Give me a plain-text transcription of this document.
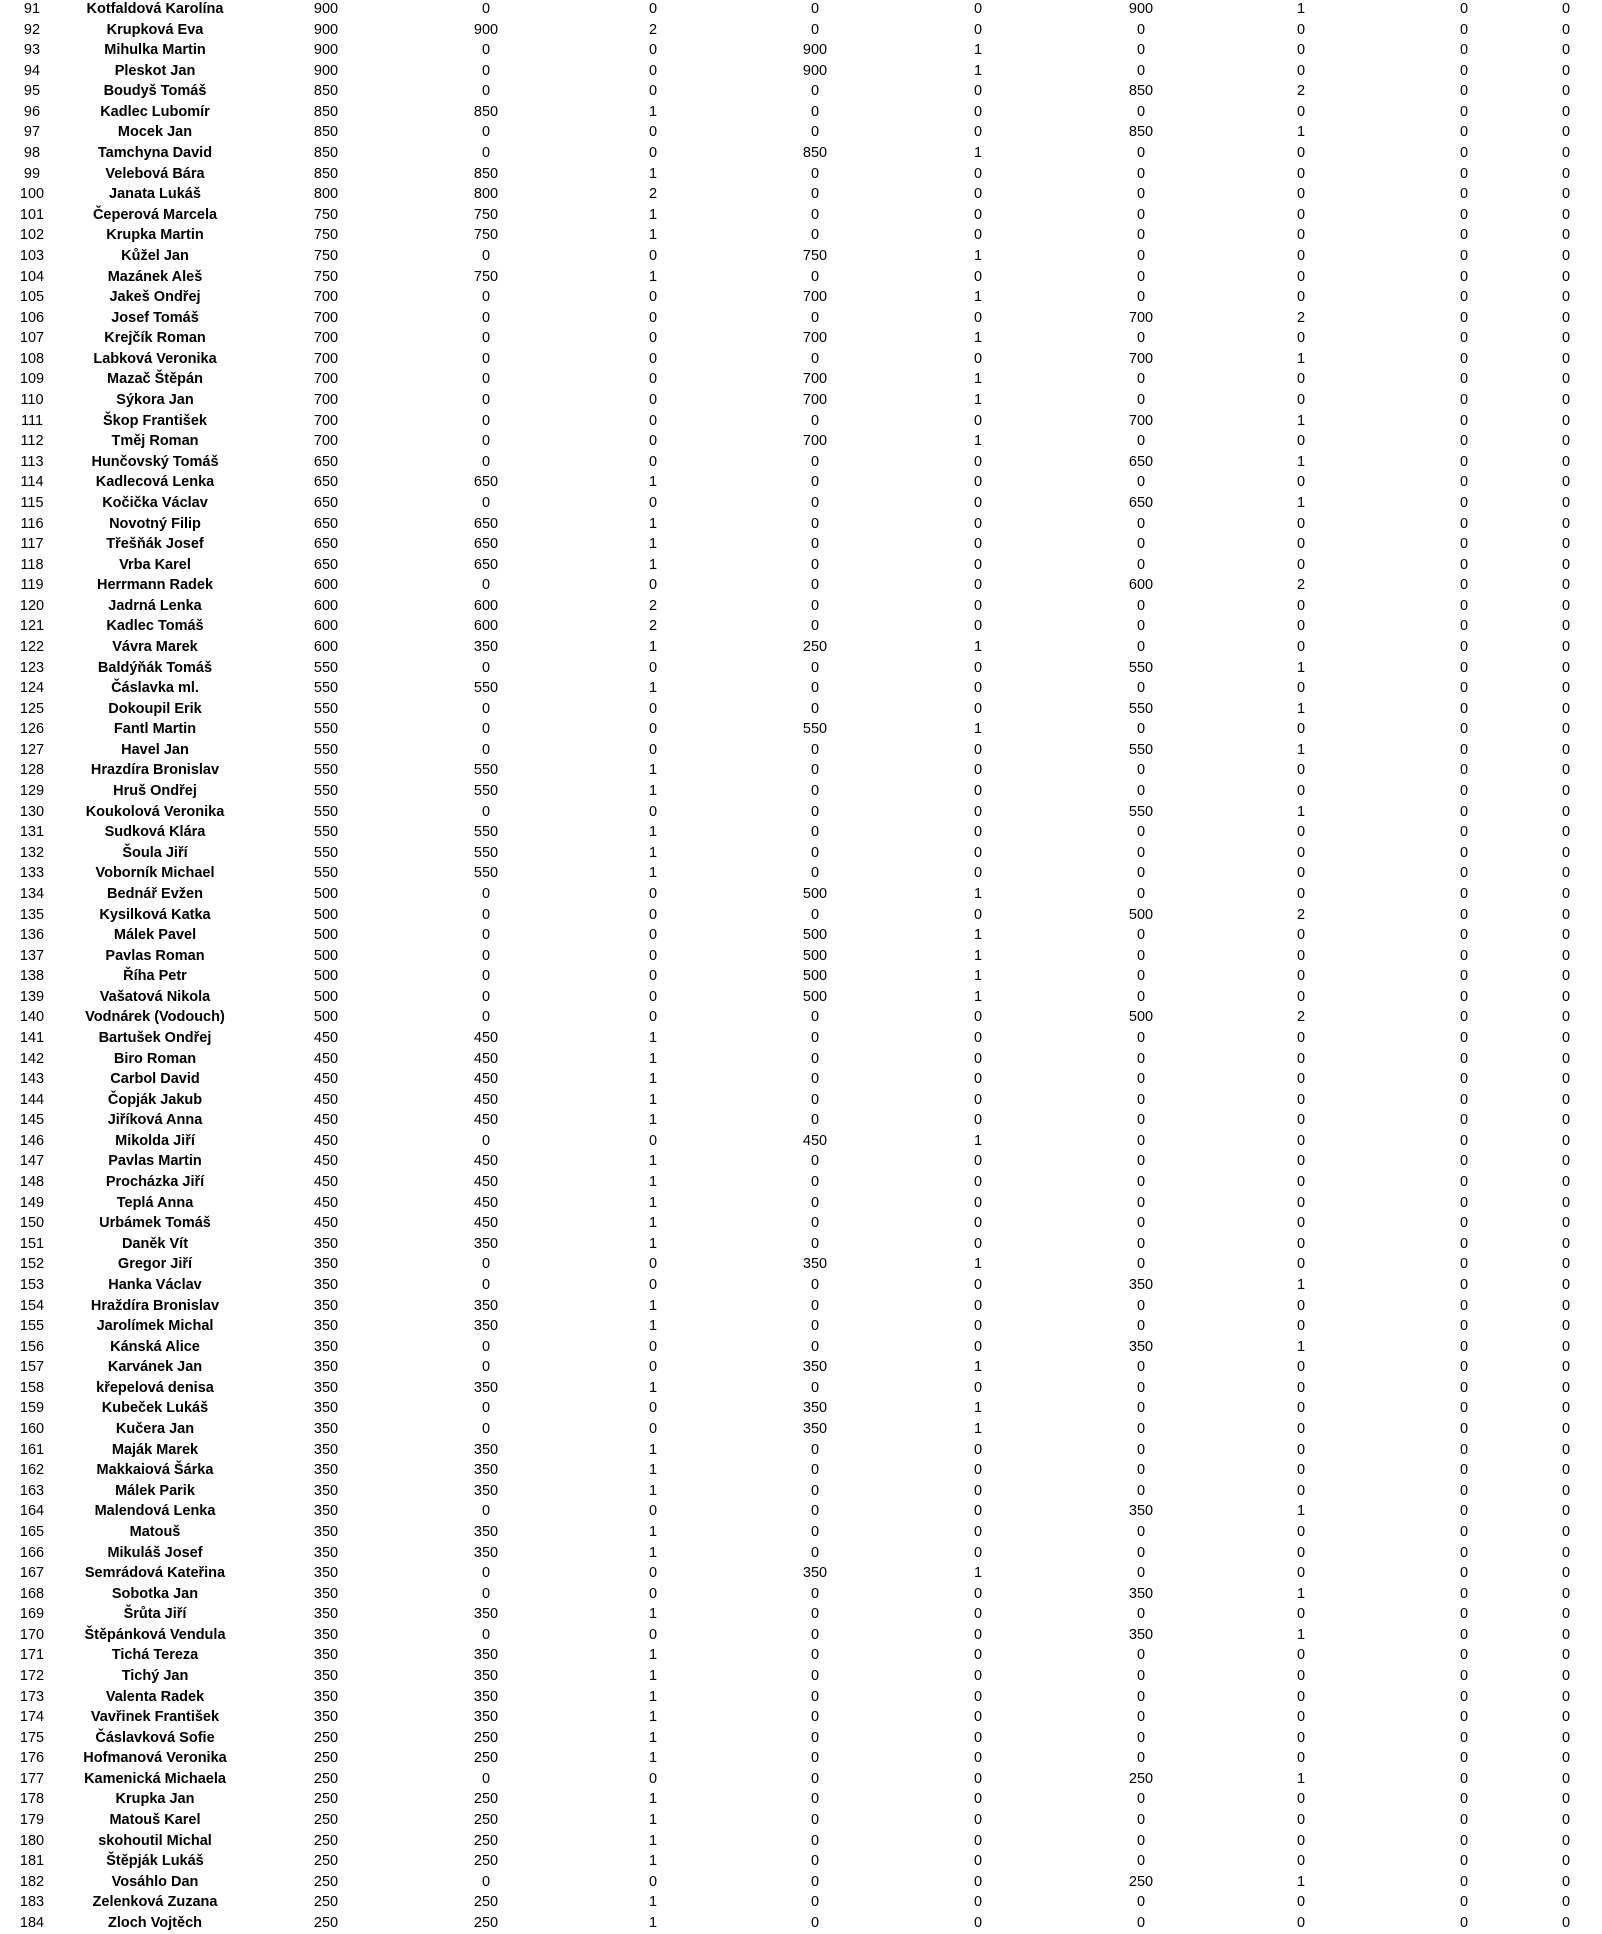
91	Kotfaldová Karolína	900	0	0	0	0	900	1	0	0
92	Krupková Eva	900	900	2	0	0	0	0	0	0
93	Mihulka Martin	900	0	0	900	1	0	0	0	0
94	Pleskot Jan	900	0	0	900	1	0	0	0	0
95	Boudyš Tomáš	850	0	0	0	0	850	2	0	0
96	Kadlec Lubomír	850	850	1	0	0	0	0	0	0
97	Mocek Jan	850	0	0	0	0	850	1	0	0
98	Tamchyna David	850	0	0	850	1	0	0	0	0
99	Velebová Bára	850	850	1	0	0	0	0	0	0
100	Janata Lukáš	800	800	2	0	0	0	0	0	0
101	Čeperová Marcela	750	750	1	0	0	0	0	0	0
102	Krupka Martin	750	750	1	0	0	0	0	0	0
103	Kůžel Jan	750	0	0	750	1	0	0	0	0
104	Mazánek Aleš	750	750	1	0	0	0	0	0	0
105	Jakeš Ondřej	700	0	0	700	1	0	0	0	0
106	Josef Tomáš	700	0	0	0	0	700	2	0	0
107	Krejčík Roman	700	0	0	700	1	0	0	0	0
108	Labková Veronika	700	0	0	0	0	700	1	0	0
109	Mazač Štěpán	700	0	0	700	1	0	0	0	0
110	Sýkora Jan	700	0	0	700	1	0	0	0	0
111	Škop František	700	0	0	0	0	700	1	0	0
112	Tměj Roman	700	0	0	700	1	0	0	0	0
113	Hunčovský Tomáš	650	0	0	0	0	650	1	0	0
114	Kadlecová Lenka	650	650	1	0	0	0	0	0	0
115	Kočička Václav	650	0	0	0	0	650	1	0	0
116	Novotný Filip	650	650	1	0	0	0	0	0	0
117	Třešňák Josef	650	650	1	0	0	0	0	0	0
118	Vrba Karel	650	650	1	0	0	0	0	0	0
119	Herrmann Radek	600	0	0	0	0	600	2	0	0
120	Jadrná Lenka	600	600	2	0	0	0	0	0	0
121	Kadlec Tomáš	600	600	2	0	0	0	0	0	0
122	Vávra Marek	600	350	1	250	1	0	0	0	0
123	Baldýňák Tomáš	550	0	0	0	0	550	1	0	0
124	Čáslavka ml.	550	550	1	0	0	0	0	0	0
125	Dokoupil Erik	550	0	0	0	0	550	1	0	0
126	Fantl Martin	550	0	0	550	1	0	0	0	0
127	Havel Jan	550	0	0	0	0	550	1	0	0
128	Hrazdíra Bronislav	550	550	1	0	0	0	0	0	0
129	Hruš Ondřej	550	550	1	0	0	0	0	0	0
130	Koukolová Veronika	550	0	0	0	0	550	1	0	0
131	Sudková Klára	550	550	1	0	0	0	0	0	0
132	Šoula Jiří	550	550	1	0	0	0	0	0	0
133	Voborník Michael	550	550	1	0	0	0	0	0	0
134	Bednář Evžen	500	0	0	500	1	0	0	0	0
135	Kysilková Katka	500	0	0	0	0	500	2	0	0
136	Málek Pavel	500	0	0	500	1	0	0	0	0
137	Pavlas Roman	500	0	0	500	1	0	0	0	0
138	Říha Petr	500	0	0	500	1	0	0	0	0
139	Vašatová Nikola	500	0	0	500	1	0	0	0	0
140	Vodnárek (Vodouch)	500	0	0	0	0	500	2	0	0
141	Bartušek Ondřej	450	450	1	0	0	0	0	0	0
142	Biro Roman	450	450	1	0	0	0	0	0	0
143	Carbol David	450	450	1	0	0	0	0	0	0
144	Čopják Jakub	450	450	1	0	0	0	0	0	0
145	Jiříková Anna	450	450	1	0	0	0	0	0	0
146	Mikolda Jiří	450	0	0	450	1	0	0	0	0
147	Pavlas Martin	450	450	1	0	0	0	0	0	0
148	Procházka Jiří	450	450	1	0	0	0	0	0	0
149	Teplá Anna	450	450	1	0	0	0	0	0	0
150	Urbámek Tomáš	450	450	1	0	0	0	0	0	0
151	Daněk Vít	350	350	1	0	0	0	0	0	0
152	Gregor Jiří	350	0	0	350	1	0	0	0	0
153	Hanka Václav	350	0	0	0	0	350	1	0	0
154	Hraždíra Bronislav	350	350	1	0	0	0	0	0	0
155	Jarolímek Michal	350	350	1	0	0	0	0	0	0
156	Kánská Alice	350	0	0	0	0	350	1	0	0
157	Karvánek Jan	350	0	0	350	1	0	0	0	0
158	křepelová denisa	350	350	1	0	0	0	0	0	0
159	Kubeček Lukáš	350	0	0	350	1	0	0	0	0
160	Kučera Jan	350	0	0	350	1	0	0	0	0
161	Maják Marek	350	350	1	0	0	0	0	0	0
162	Makkaiová Šárka	350	350	1	0	0	0	0	0	0
163	Málek Parik	350	350	1	0	0	0	0	0	0
164	Malendová Lenka	350	0	0	0	0	350	1	0	0
165	Matouš	350	350	1	0	0	0	0	0	0
166	Mikuláš Josef	350	350	1	0	0	0	0	0	0
167	Semrádová Kateřina	350	0	0	350	1	0	0	0	0
168	Sobotka Jan	350	0	0	0	0	350	1	0	0
169	Šrůta Jiří	350	350	1	0	0	0	0	0	0
170	Štěpánková Vendula	350	0	0	0	0	350	1	0	0
171	Tichá Tereza	350	350	1	0	0	0	0	0	0
172	Tichý Jan	350	350	1	0	0	0	0	0	0
173	Valenta Radek	350	350	1	0	0	0	0	0	0
174	Vavřinek František	350	350	1	0	0	0	0	0	0
175	Čáslavková Sofie	250	250	1	0	0	0	0	0	0
176	Hofmanová Veronika	250	250	1	0	0	0	0	0	0
177	Kamenická Michaela	250	0	0	0	0	250	1	0	0
178	Krupka Jan	250	250	1	0	0	0	0	0	0
179	Matouš Karel	250	250	1	0	0	0	0	0	0
180	skohoutil Michal	250	250	1	0	0	0	0	0	0
181	Štěpják Lukáš	250	250	1	0	0	0	0	0	0
182	Vosáhlo Dan	250	0	0	0	0	250	1	0	0
183	Zelenková Zuzana	250	250	1	0	0	0	0	0	0
184	Zloch Vojtěch	250	250	1	0	0	0	0	0	0
